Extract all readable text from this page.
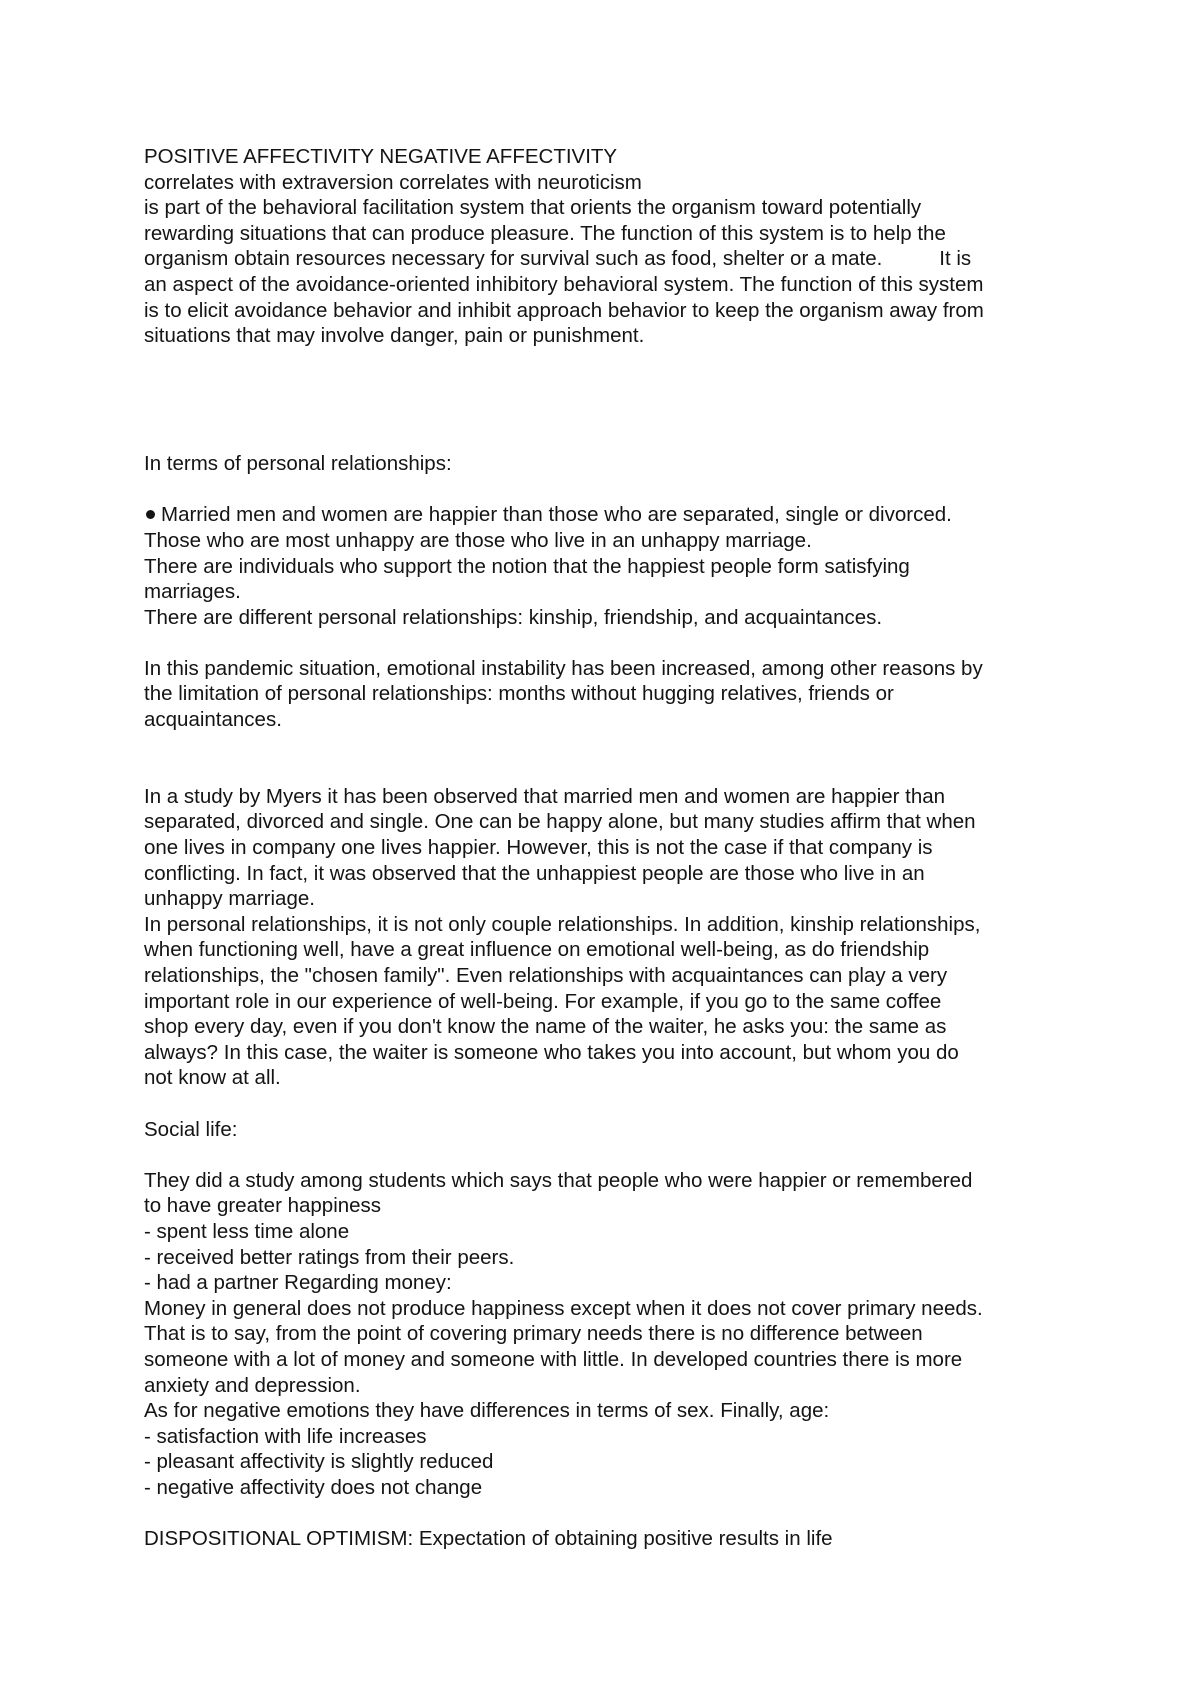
POSITIVE AFFECTIVITY NEGATIVE AFFECTIVITY
correlates with extraversion correlates with neuroticism
is part of the behavioral facilitation system that orients the organism toward potentially
rewarding situations that can produce pleasure. The function of this system is to help the
organism obtain resources necessary for survival such as food, shelter or a mate.          It is
an aspect of the avoidance-oriented inhibitory behavioral system. The function of this system
is to elicit avoidance behavior and inhibit approach behavior to keep the organism away from
situations that may involve danger, pain or punishment.
In terms of personal relationships:
Married men and women are happier than those who are separated, single or divorced.
Those who are most unhappy are those who live in an unhappy marriage.
There are individuals who support the notion that the happiest people form satisfying
marriages.
There are different personal relationships: kinship, friendship, and acquaintances.
In this pandemic situation, emotional instability has been increased, among other reasons by
the limitation of personal relationships: months without hugging relatives, friends or
acquaintances.
In a study by Myers it has been observed that married men and women are happier than
separated, divorced and single. One can be happy alone, but many studies affirm that when
one lives in company one lives happier. However, this is not the case if that company is
conflicting. In fact, it was observed that the unhappiest people are those who live in an
unhappy marriage.
In personal relationships, it is not only couple relationships. In addition, kinship relationships,
when functioning well, have a great influence on emotional well-being, as do friendship
relationships, the "chosen family". Even relationships with acquaintances can play a very
important role in our experience of well-being. For example, if you go to the same coffee
shop every day, even if you don't know the name of the waiter, he asks you: the same as
always? In this case, the waiter is someone who takes you into account, but whom you do
not know at all.
Social life:
They did a study among students which says that people who were happier or remembered
to have greater happiness
- spent less time alone
- received better ratings from their peers.
- had a partner Regarding money:
Money in general does not produce happiness except when it does not cover primary needs.
That is to say, from the point of covering primary needs there is no difference between
someone with a lot of money and someone with little. In developed countries there is more
anxiety and depression.
As for negative emotions they have differences in terms of sex. Finally, age:
- satisfaction with life increases
- pleasant affectivity is slightly reduced
- negative affectivity does not change
DISPOSITIONAL OPTIMISM: Expectation of obtaining positive results in life
